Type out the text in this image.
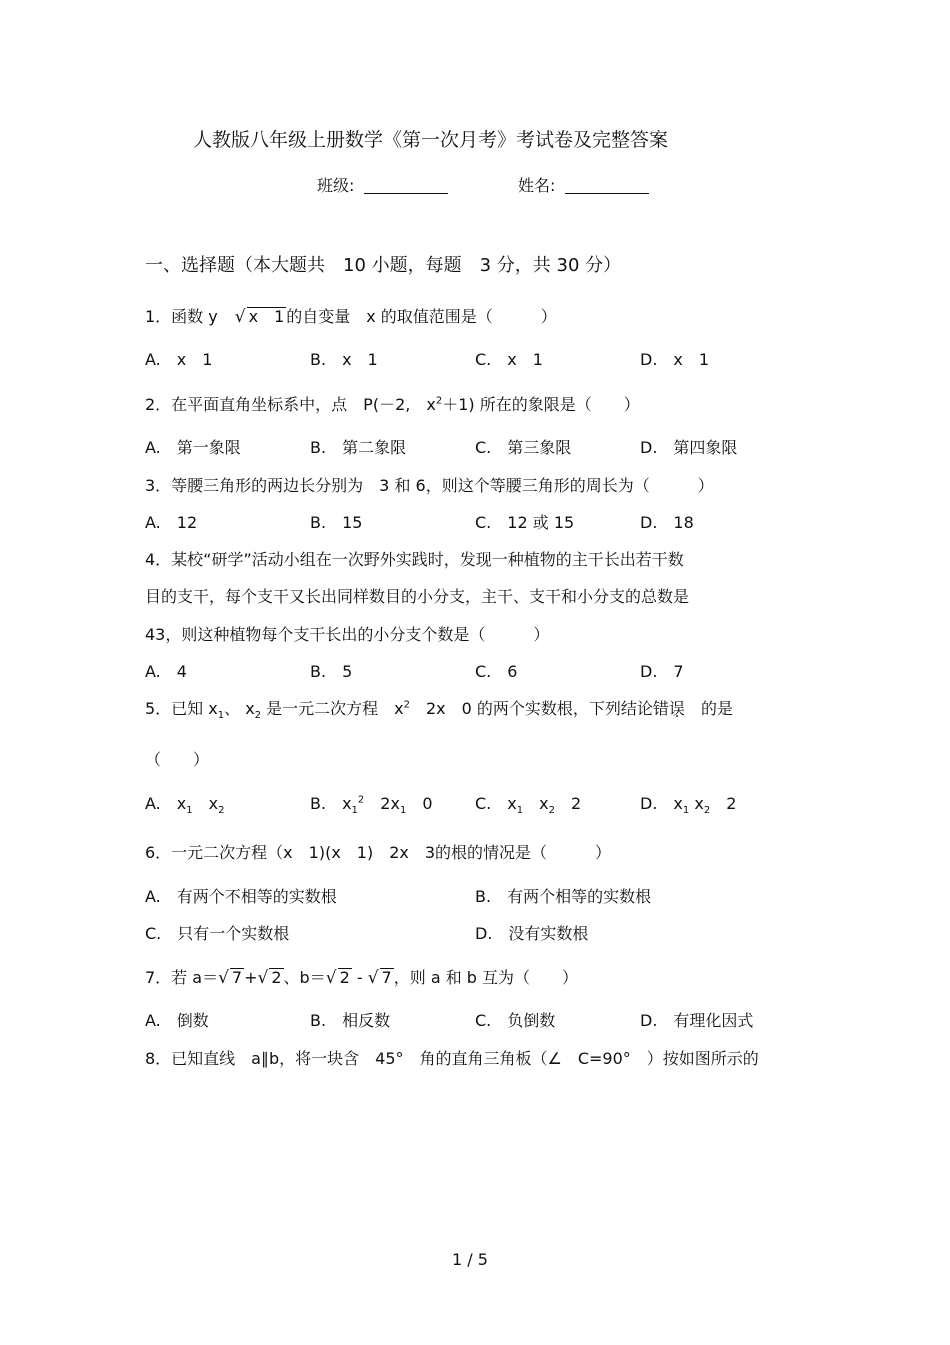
人教版八年级上册数学《第一次月考》考试卷及完整答案
班级:	姓名:
一、选择题（本大题共　10 小题，每题　3 分，共 30 分）
1．函数 y　√ x　1 的自变量　x 的取值范围是（　　　）
A.　 x　1	B.　 x　1	C.　 x　1	D.　 x　1
2．在平面直角坐标系中，点　P(－2,　$x^2+1$) 所在的象限是（　　）
A.　 第一象限	B.　 第二象限	C.　 第三象限	D.　 第四象限
3．等腰三角形的两边长分别为　3 和 6，则这个等腰三角形的周长为（　　　）
A.　 12	B.　 15	C.　 12 或 15	D.　 18
4．某校“研学”活动小组在一次野外实践时，发现一种植物的主干长出若干数
目的支干，每个支干又长出同样数目的小分支，主干、支干和小分支的总数是
43，则这种植物每个支干长出的小分支个数是（　　　）
A.　 4	B.　 5	C.　 6	D.　 7
5．已知 $x_1$、 $x_2$ 是一元二次方程　$x^2$　2x　0 的两个实数根，下列结论错误　的是
（　　）
A.　 $x_1$　$x_2$	B.　 $x_1^2$　$2x_1$　0	C.　 $x_1$　$x_2$　2	D.　 $x_1$ $x_2$　2
6．一元二次方程（x　1)(x　1)　2x　3的根的情况是（　　　）
A.　 有两个不相等的实数根	B.　 有两个相等的实数根
C.　 只有一个实数根	D.　 没有实数根
7．若 a＝√ 7 +√ 2 、b＝√ 2 - √ 7 ，则 a 和 b 互为（　　）
A.　 倒数	B.　 相反数	C.　 负倒数	D.　 有理化因式
8．已知直线　a∥b，将一块含　45°　角的直角三角板（∠　C=90°　）按如图所示的
1 / 5
